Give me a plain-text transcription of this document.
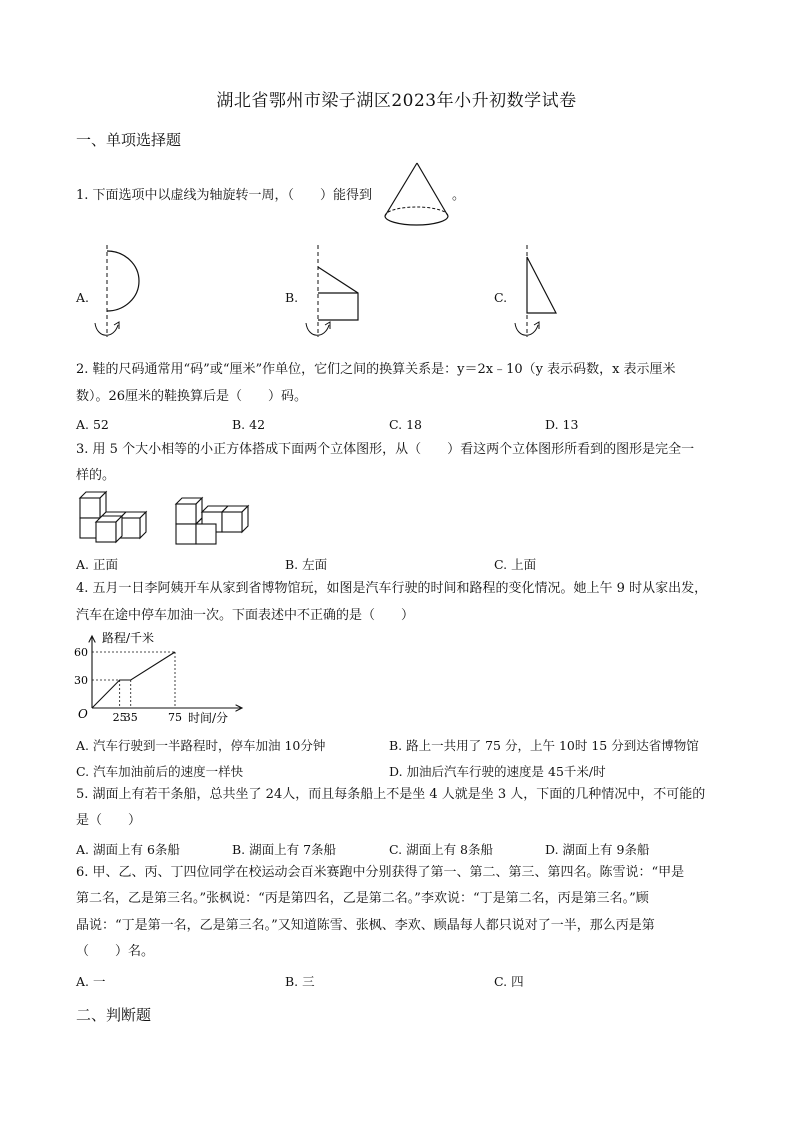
湖北省鄂州市梁子湖区2023年小升初数学试卷
一、单项选择题
1. 下面选项中以虚线为轴旋转一周，（　　）能得到	。
A.	B.	C.
2. 鞋的尺码通常用“码”或“厘米”作单位，它们之间的换算关系是：y＝2x﹣10（y 表示码数，x 表示厘米
数）。26厘米的鞋换算后是（　　）码。
A. 52	B. 42	C. 18	D. 13
3. 用 5 个大小相等的小正方体搭成下面两个立体图形，从（　　）看这两个立体图形所看到的图形是完全一
样的。
A. 正面	B. 左面	C. 上面
4. 五月一日李阿姨开车从家到省博物馆玩，如图是汽车行驶的时间和路程的变化情况。她上午 9 时从家出发，
汽车在途中停车加油一次。下面表述中不正确的是（　　）
路程/千米
时间/分
O 25
35	75
30
60
A. 汽车行驶到一半路程时，停车加油 10分钟	B. 路上一共用了 75 分，上午 10时 15 分到达省博物馆
C. 汽车加油前后的速度一样快	D. 加油后汽车行驶的速度是 45千米/时
5. 湖面上有若干条船，总共坐了 24人，而且每条船上不是坐 4 人就是坐 3 人，下面的几种情况中，不可能的
是（　　）
A. 湖面上有 6条船	B. 湖面上有 7条船	C. 湖面上有 8条船	D. 湖面上有 9条船
6. 甲、乙、丙、丁四位同学在校运动会百米赛跑中分别获得了第一、第二、第三、第四名。陈雪说：“甲是
第二名，乙是第三名。”张枫说：“丙是第四名，乙是第二名。”李欢说：“丁是第二名，丙是第三名。”顾
晶说：“丁是第一名，乙是第三名。”又知道陈雪、张枫、李欢、顾晶每人都只说对了一半，那么丙是第
（　　）名。
A. 一	B. 三	C. 四
二、判断题
